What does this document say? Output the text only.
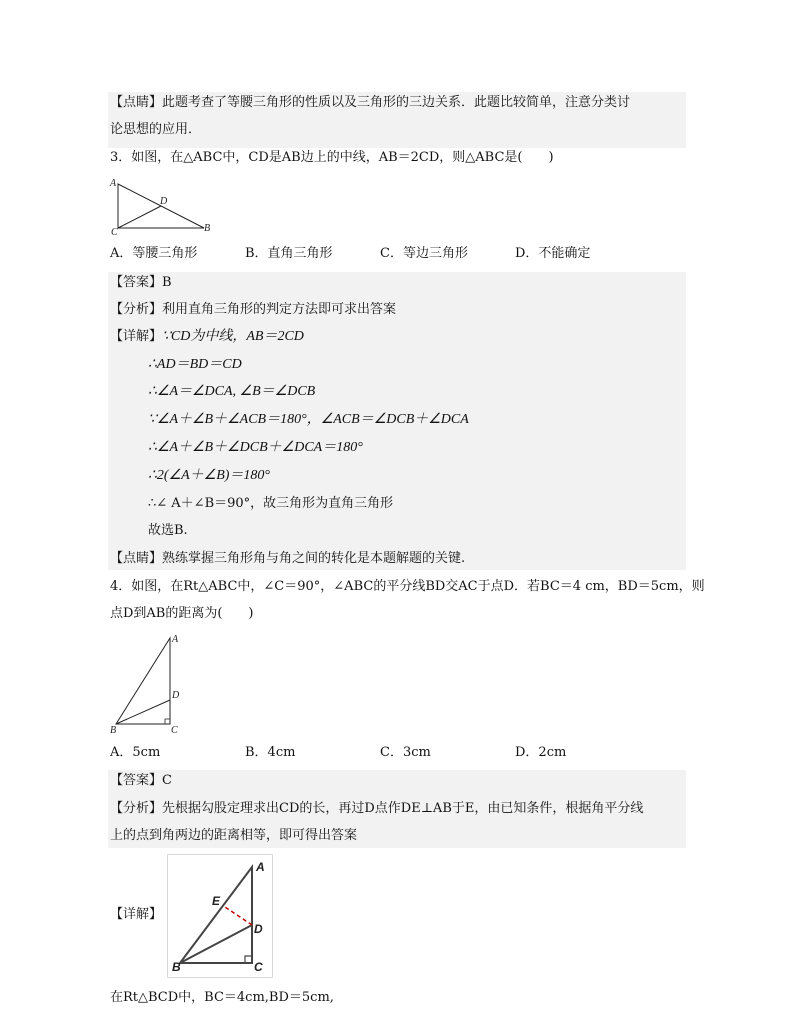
【点睛】此题考查了等腰三角形的性质以及三角形的三边关系．此题比较简单，注意分类讨
论思想的应用．
3．如图，在△ABC中，CD是AB边上的中线，AB＝2CD，则△ABC是(　　)
A
C
D
B
A．等腰三角形	B．直角三角形	C．等边三角形	D．不能确定
【答案】B
【分析】利用直角三角形的判定方法即可求出答案
【详解】∵CD为中线，AB＝2CD
∴AD＝BD＝CD
∴∠A＝∠DCA, ∠B＝∠DCB
∵∠A＋∠B＋∠ACB＝180°，∠ACB＝∠DCB＋∠DCA
∴∠A＋∠B＋∠DCB＋∠DCA＝180°
∴2(∠A＋∠B)＝180°
∴∠ A＋∠B＝90°，故三角形为直角三角形
故选B.
【点睛】熟练掌握三角形角与角之间的转化是本题解题的关键.
4．如图，在Rt△ABC中，∠C＝90°，∠ABC的平分线BD交AC于点D．若BC＝4 cm，BD＝5cm，则
点D到AB的距离为(　　)
A
D
B	C
A．5cm	B．4cm	C．3cm	D．2cm
【答案】C
【分析】先根据勾股定理求出CD的长，再过D点作DE⊥AB于E，由已知条件，根据角平分线
上的点到角两边的距离相等，即可得出答案
【详解】
A
E
D
B	C
在Rt△BCD中，BC＝4cm,BD＝5cm,
